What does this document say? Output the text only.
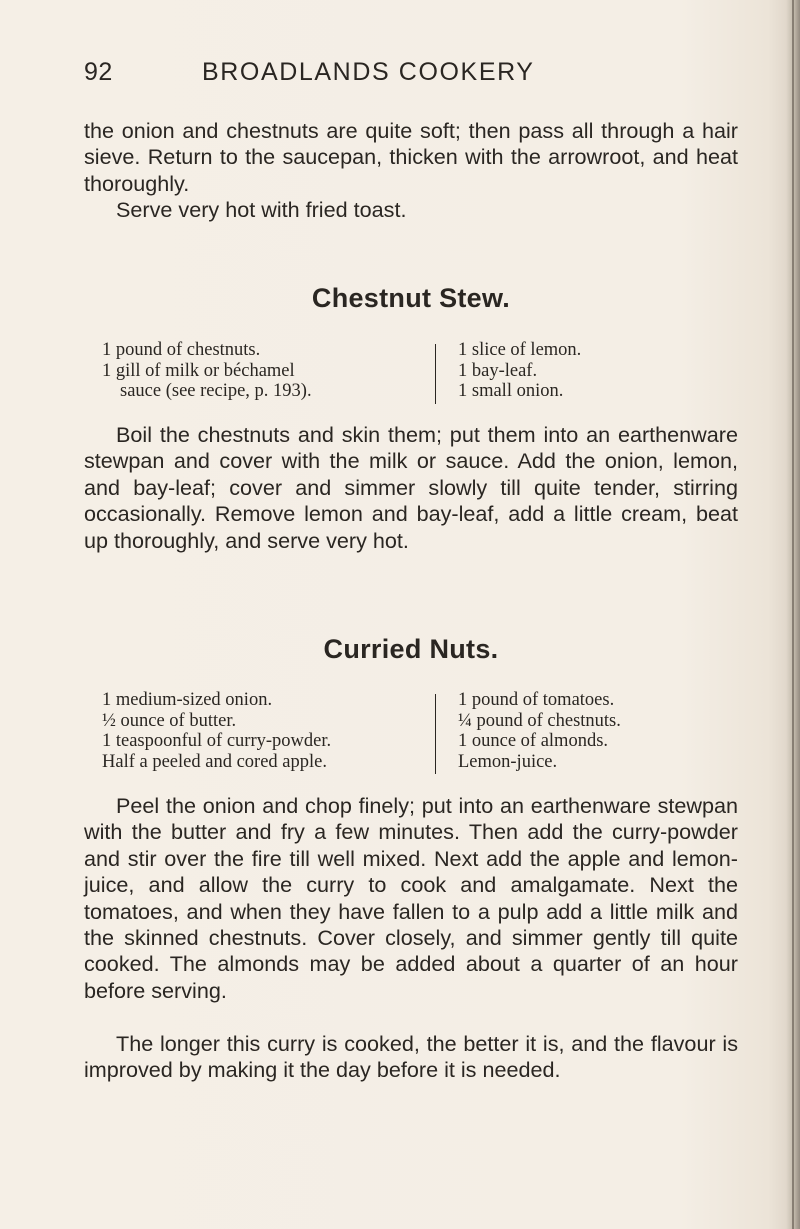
92	BROADLANDS COOKERY

the onion and chestnuts are quite soft; then pass all through a hair sieve. Return to the saucepan, thicken with the arrowroot, and heat thoroughly.

Serve very hot with fried toast.

Chestnut Stew.
1 pound of chestnuts.
1 gill of milk or béchamel
sauce (see recipe, p. 193).
1 slice of lemon.
1 bay-leaf.
1 small onion.

Boil the chestnuts and skin them; put them into an earthenware stewpan and cover with the milk or sauce. Add the onion, lemon, and bay-leaf; cover and simmer slowly till quite tender, stirring occasionally. Remove lemon and bay-leaf, add a little cream, beat up thoroughly, and serve very hot.

Curried Nuts.
1 medium-sized onion.
½ ounce of butter.
1 teaspoonful of curry-powder.
Half a peeled and cored apple.
1 pound of tomatoes.
¼ pound of chestnuts.
1 ounce of almonds.
Lemon-juice.

Peel the onion and chop finely; put into an earthenware stewpan with the butter and fry a few minutes. Then add the curry-powder and stir over the fire till well mixed. Next add the apple and lemon-juice, and allow the curry to cook and amalgamate. Next the tomatoes, and when they have fallen to a pulp add a little milk and the skinned chestnuts. Cover closely, and simmer gently till quite cooked. The almonds may be added about a quarter of an hour before serving.

The longer this curry is cooked, the better it is, and the flavour is improved by making it the day before it is needed.
